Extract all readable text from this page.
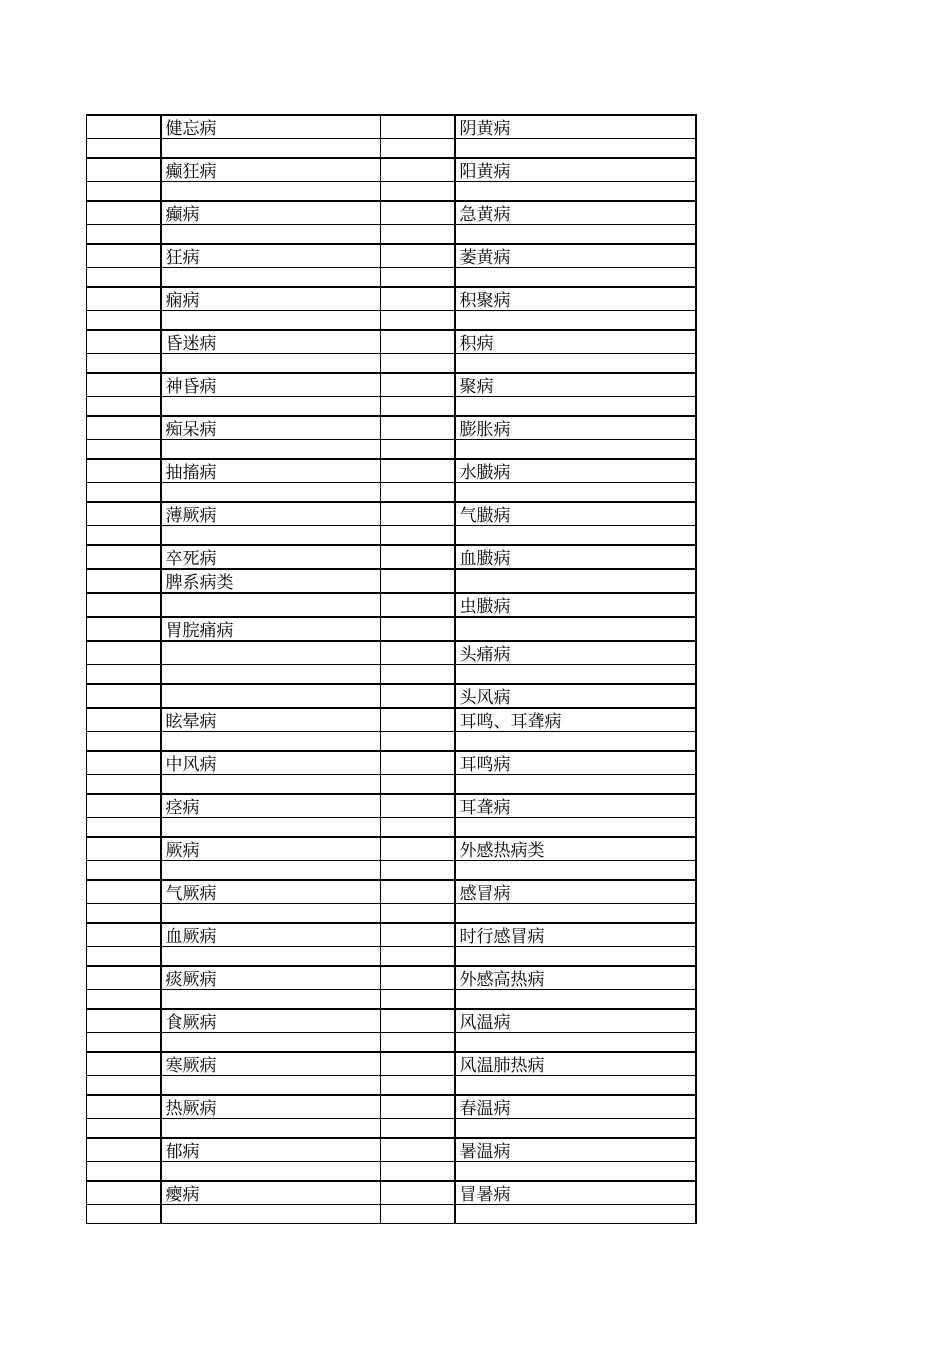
	健忘病		阴黄病

	癫狂病		阳黄病

	癫病		急黄病

	狂病		萎黄病

	痫病		积聚病

	昏迷病		积病

	神昏病		聚病

	痴呆病		膨胀病

	抽搐病		水臌病

	薄厥病		气臌病

	卒死病		血臌病
	脾系病类		
			虫臌病
	胃脘痛病		
			头痛病

			头风病
	眩晕病		耳鸣、耳聋病

	中风病		耳鸣病

	痉病		耳聋病

	厥病		外感热病类

	气厥病		感冒病

	血厥病		时行感冒病

	痰厥病		外感高热病

	食厥病		风温病

	寒厥病		风温肺热病

	热厥病		春温病

	郁病		暑温病

	瘿病		冒暑病
